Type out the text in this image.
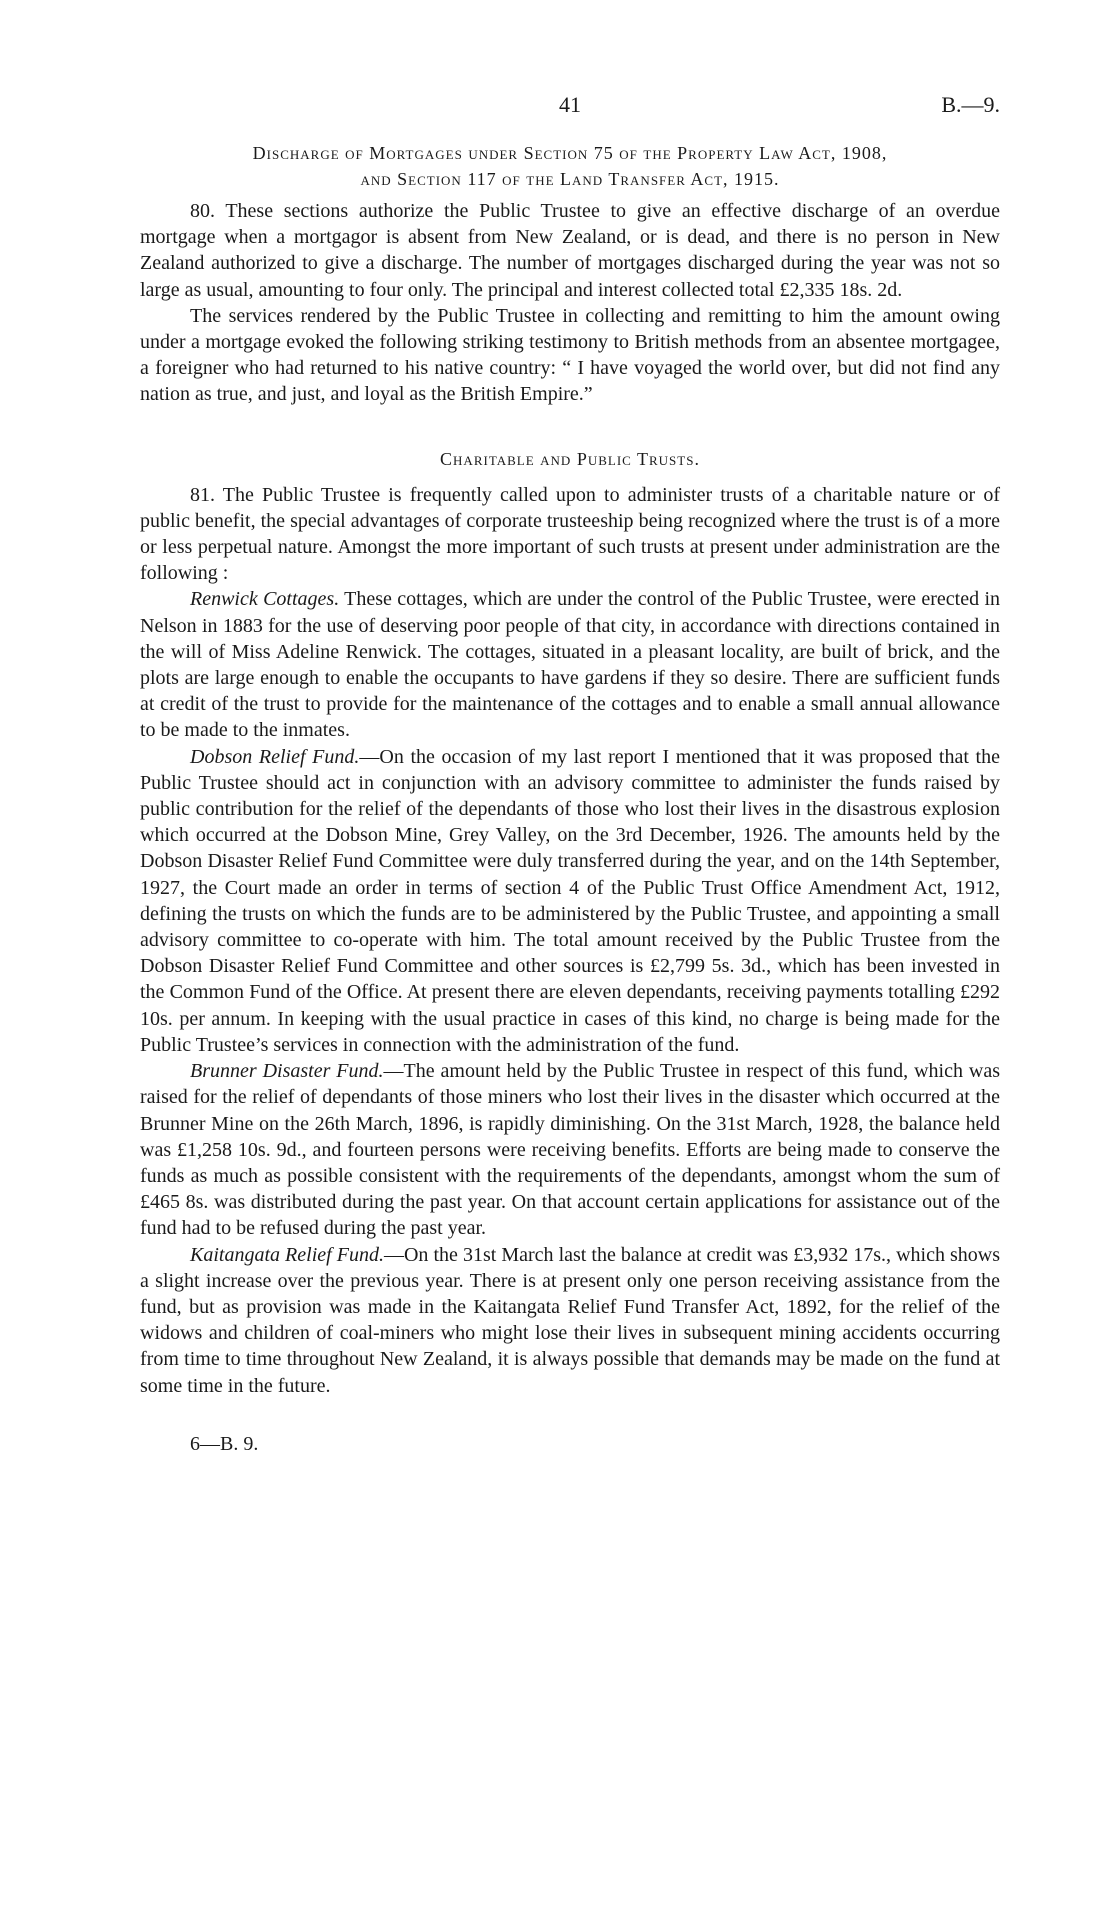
41	B.—9.
Discharge of Mortgages under Section 75 of the Property Law Act, 1908,
and Section 117 of the Land Transfer Act, 1915.

80. These sections authorize the Public Trustee to give an effective discharge of an overdue mortgage when a mortgagor is absent from New Zealand, or is dead, and there is no person in New Zealand authorized to give a discharge. The number of mortgages discharged during the year was not so large as usual, amounting to four only. The principal and interest collected total £2,335 18s. 2d.

The services rendered by the Public Trustee in collecting and remitting to him the amount owing under a mortgage evoked the following striking testimony to British methods from an absentee mortgagee, a foreigner who had returned to his native country: “ I have voyaged the world over, but did not find any nation as true, and just, and loyal as the British Empire.”

Charitable and Public Trusts.

81. The Public Trustee is frequently called upon to administer trusts of a charitable nature or of public benefit, the special advantages of corporate trusteeship being recognized where the trust is of a more or less perpetual nature. Amongst the more important of such trusts at present under administration are the following :

Renwick Cottages. These cottages, which are under the control of the Public Trustee, were erected in Nelson in 1883 for the use of deserving poor people of that city, in accordance with directions contained in the will of Miss Adeline Renwick. The cottages, situated in a pleasant locality, are built of brick, and the plots are large enough to enable the occupants to have gardens if they so desire. There are sufficient funds at credit of the trust to provide for the maintenance of the cottages and to enable a small annual allowance to be made to the inmates.

Dobson Relief Fund.—On the occasion of my last report I mentioned that it was proposed that the Public Trustee should act in conjunction with an advisory committee to administer the funds raised by public contribution for the relief of the dependants of those who lost their lives in the disastrous explosion which occurred at the Dobson Mine, Grey Valley, on the 3rd December, 1926. The amounts held by the Dobson Disaster Relief Fund Committee were duly transferred during the year, and on the 14th September, 1927, the Court made an order in terms of section 4 of the Public Trust Office Amendment Act, 1912, defining the trusts on which the funds are to be administered by the Public Trustee, and appointing a small advisory committee to co-operate with him. The total amount received by the Public Trustee from the Dobson Disaster Relief Fund Committee and other sources is £2,799 5s. 3d., which has been invested in the Common Fund of the Office. At present there are eleven dependants, receiving payments totalling £292 10s. per annum. In keeping with the usual practice in cases of this kind, no charge is being made for the Public Trustee’s services in connection with the administration of the fund.

Brunner Disaster Fund.—The amount held by the Public Trustee in respect of this fund, which was raised for the relief of dependants of those miners who lost their lives in the disaster which occurred at the Brunner Mine on the 26th March, 1896, is rapidly diminishing. On the 31st March, 1928, the balance held was £1,258 10s. 9d., and fourteen persons were receiving benefits. Efforts are being made to conserve the funds as much as possible consistent with the requirements of the dependants, amongst whom the sum of £465 8s. was distributed during the past year. On that account certain applications for assistance out of the fund had to be refused during the past year.

Kaitangata Relief Fund.—On the 31st March last the balance at credit was £3,932 17s., which shows a slight increase over the previous year. There is at present only one person receiving assistance from the fund, but as provision was made in the Kaitangata Relief Fund Transfer Act, 1892, for the relief of the widows and children of coal-miners who might lose their lives in subsequent mining accidents occurring from time to time throughout New Zealand, it is always possible that demands may be made on the fund at some time in the future.

6—B. 9.
